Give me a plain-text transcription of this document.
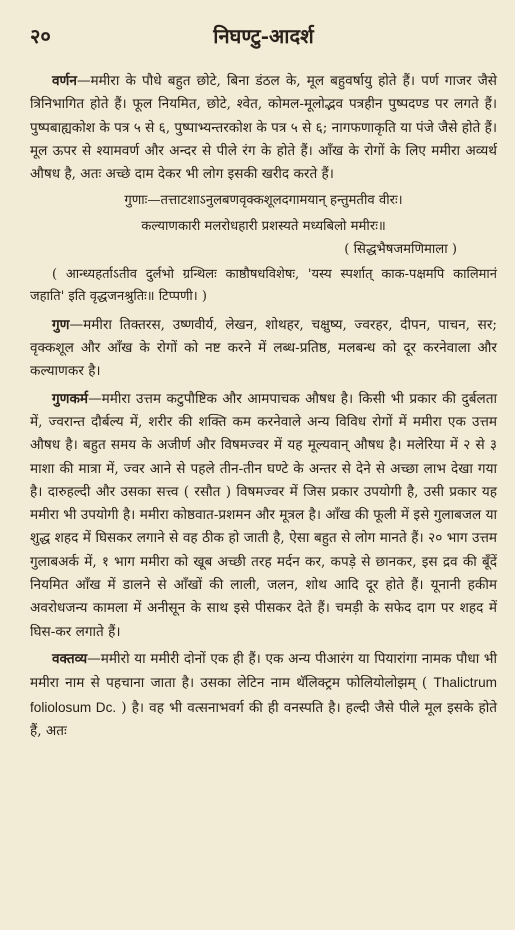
२०	निघण्टु-आदर्श

वर्णन—ममीरा के पौधे बहुत छोटे, बिना डंठल के, मूल बहुवर्षायु होते हैं। पर्ण गाजर जैसे त्रिनिभागित होते हैं। फूल नियमित, छोटे, श्वेत, कोमल-मूलोद्भव पत्रहीन पुष्पदण्ड पर लगते हैं। पुष्पबाह्यकोश के पत्र ५ से ६, पुष्पाभ्यन्तरकोश के पत्र ५ से ६; नागफणाकृति या पंजे जैसे होते हैं। मूल ऊपर से श्यामवर्ण और अन्दर से पीले रंग के होते हैं। आँख के रोगों के लिए ममीरा अव्यर्थ औषध है, अतः अच्छे दाम देकर भी लोग इसकी खरीद करते हैं।

गुणाः—तत्ताटशाऽनुलबणवृक्कशूलदगामयान् हन्तुमतीव वीरः।
कल्याणकारी मलरोधहारी प्रशस्यते मध्यबिलो ममीरः॥
( सिद्धभैषजमणिमाला )

( आन्ध्यहर्ताऽतीव दुर्लभो ग्रन्थिलः काष्ठौषधविशेषः, 'यस्य स्पर्शात् काक-पक्षमपि कालिमानं जहाति' इति वृद्धजनश्रुतिः॥ टिप्पणी। )

गुण—ममीरा तिक्तरस, उष्णवीर्य, लेखन, शोथहर, चक्षुष्य, ज्वरहर, दीपन, पाचन, सर; वृक्कशूल और आँख के रोगों को नष्ट करने में लब्ध-प्रतिष्ठ, मलबन्ध को दूर करनेवाला और कल्याणकर है।

गुणकर्म—ममीरा उत्तम कटुपौष्टिक और आमपाचक औषध है। किसी भी प्रकार की दुर्बलता में, ज्वरान्त दौर्बल्य में, शरीर की शक्ति कम करनेवाले अन्य विविध रोगों में ममीरा एक उत्तम औषध है। बहुत समय के अजीर्ण और विषमज्वर में यह मूल्यवान् औषध है। मलेरिया में २ से ३ माशा की मात्रा में, ज्वर आने से पहले तीन-तीन घण्टे के अन्तर से देने से अच्छा लाभ देखा गया है। दारुहल्दी और उसका सत्त्व ( रसौत ) विषमज्वर में जिस प्रकार उपयोगी है, उसी प्रकार यह ममीरा भी उपयोगी है। ममीरा कोष्ठवात-प्रशमन और मूत्रल है। आँख की फूली में इसे गुलाबजल या शुद्ध शहद में घिसकर लगाने से वह ठीक हो जाती है, ऐसा बहुत से लोग मानते हैं। २० भाग उत्तम गुलाबअर्क में, १ भाग ममीरा को खूब अच्छी तरह मर्दन कर, कपड़े से छानकर, इस द्रव की बूँदें नियमित आँख में डालने से आँखों की लाली, जलन, शोथ आदि दूर होते हैं। यूनानी हकीम अवरोधजन्य कामला में अनीसून के साथ इसे पीसकर देते हैं। चमड़ी के सफेद दाग पर शहद में घिस-कर लगाते हैं।

वक्तव्य—ममीरो या ममीरी दोनों एक ही हैं। एक अन्य पीआरंग या पियारांगा नामक पौधा भी ममीरा नाम से पहचाना जाता है। उसका लेटिन नाम थॅलिक्ट्रम फोलियोलोझम् ( Thalictrum foliolosum Dc. ) है। वह भी वत्सनाभवर्ग की ही वनस्पति है। हल्दी जैसे पीले मूल इसके होते हैं, अतः
